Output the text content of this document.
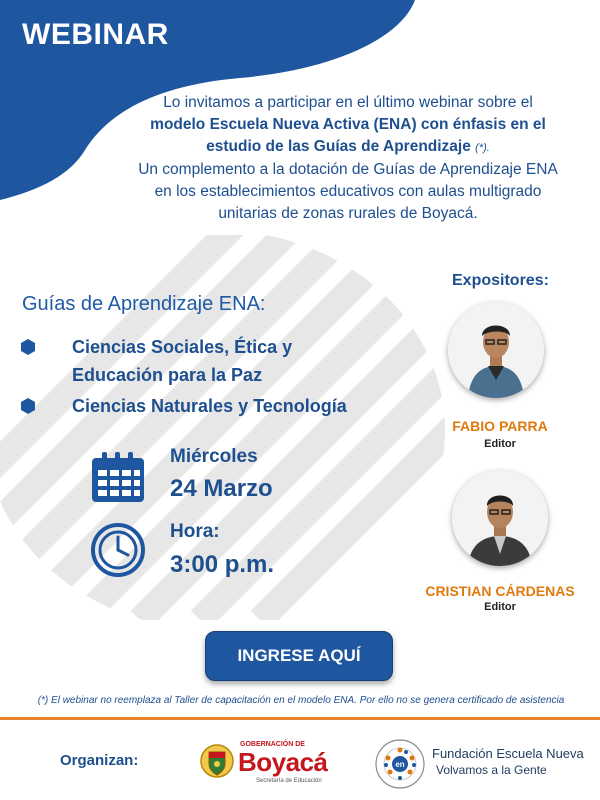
WEBINAR
Lo invitamos a participar en el último webinar sobre el
modelo Escuela Nueva Activa (ENA) con énfasis en el
estudio de las Guías de Aprendizaje (*).
Un complemento a la dotación de Guías de Aprendizaje ENA
en los establecimientos educativos con aulas multigrado
unitarias de zonas rurales de Boyacá.
Guías de Aprendizaje ENA:
Ciencias Sociales, Ética y
Educación para la Paz
Ciencias Naturales y Tecnología
Miércoles
24 Marzo
Hora:
3:00 p.m.
Expositores:
FABIO PARRA
Editor
CRISTIAN CÁRDENAS
Editor
INGRESE AQUÍ
(*) El webinar no reemplaza al Taller de capacitación en el modelo ENA. Por ello no se genera certificado de asistencia
Organizan:
GOBERNACIÓN DE
Boyacá
Secretaría de Educación
en
Fundación Escuela Nueva
Volvamos a la Gente
